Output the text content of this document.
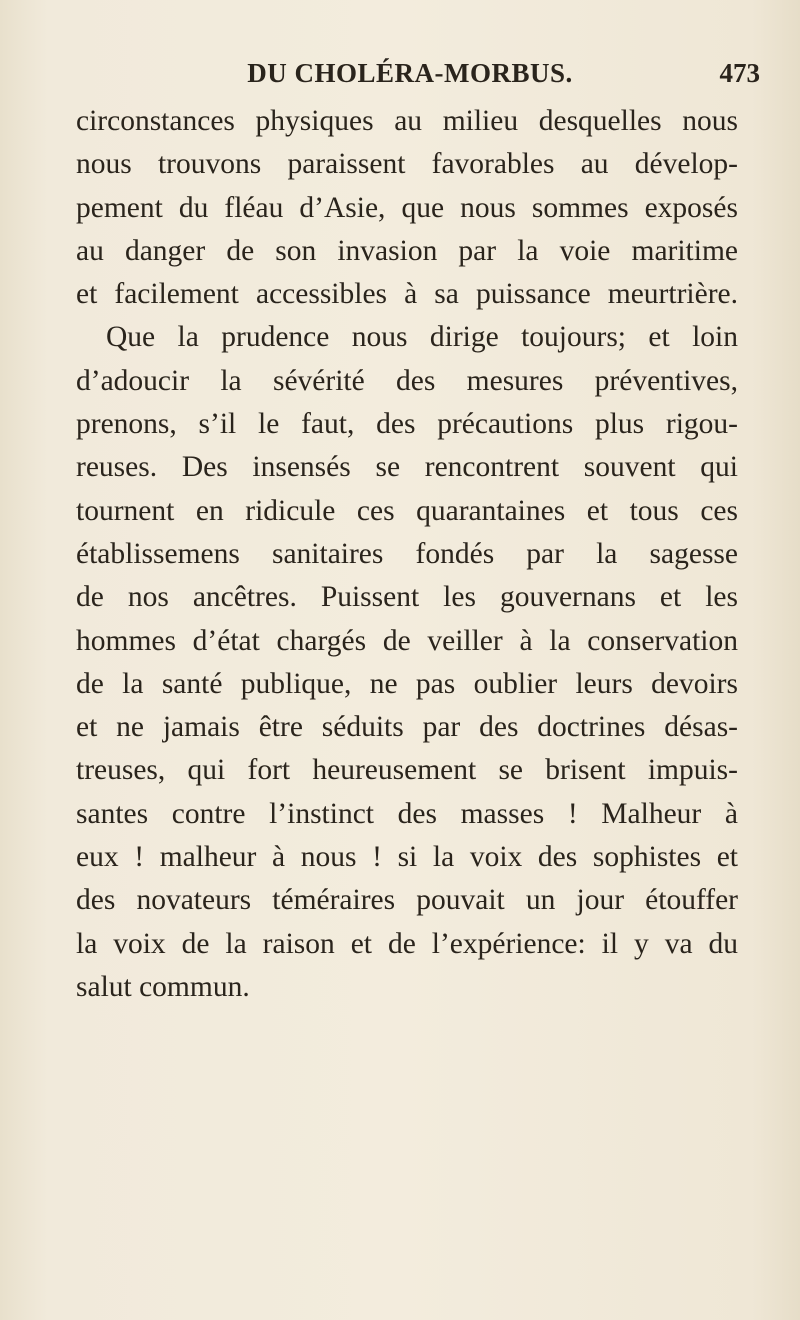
DU CHOLÉRA-MORBUS.	473
circonstances physiques au milieu desquelles nous
nous trouvons paraissent favorables au dévelop-
pement du fléau d’Asie, que nous sommes exposés
au danger de son invasion par la voie maritime
et facilement accessibles à sa puissance meurtrière.
Que la prudence nous dirige toujours; et loin
d’adoucir la sévérité des mesures préventives,
prenons, s’il le faut, des précautions plus rigou-
reuses. Des insensés se rencontrent souvent qui
tournent en ridicule ces quarantaines et tous ces
établissemens sanitaires fondés par la sagesse
de nos ancêtres. Puissent les gouvernans et les
hommes d’état chargés de veiller à la conservation
de la santé publique, ne pas oublier leurs devoirs
et ne jamais être séduits par des doctrines désas-
treuses, qui fort heureusement se brisent impuis-
santes contre l’instinct des masses ! Malheur à
eux ! malheur à nous ! si la voix des sophistes et
des novateurs téméraires pouvait un jour étouffer
la voix de la raison et de l’expérience: il y va du
salut commun.
